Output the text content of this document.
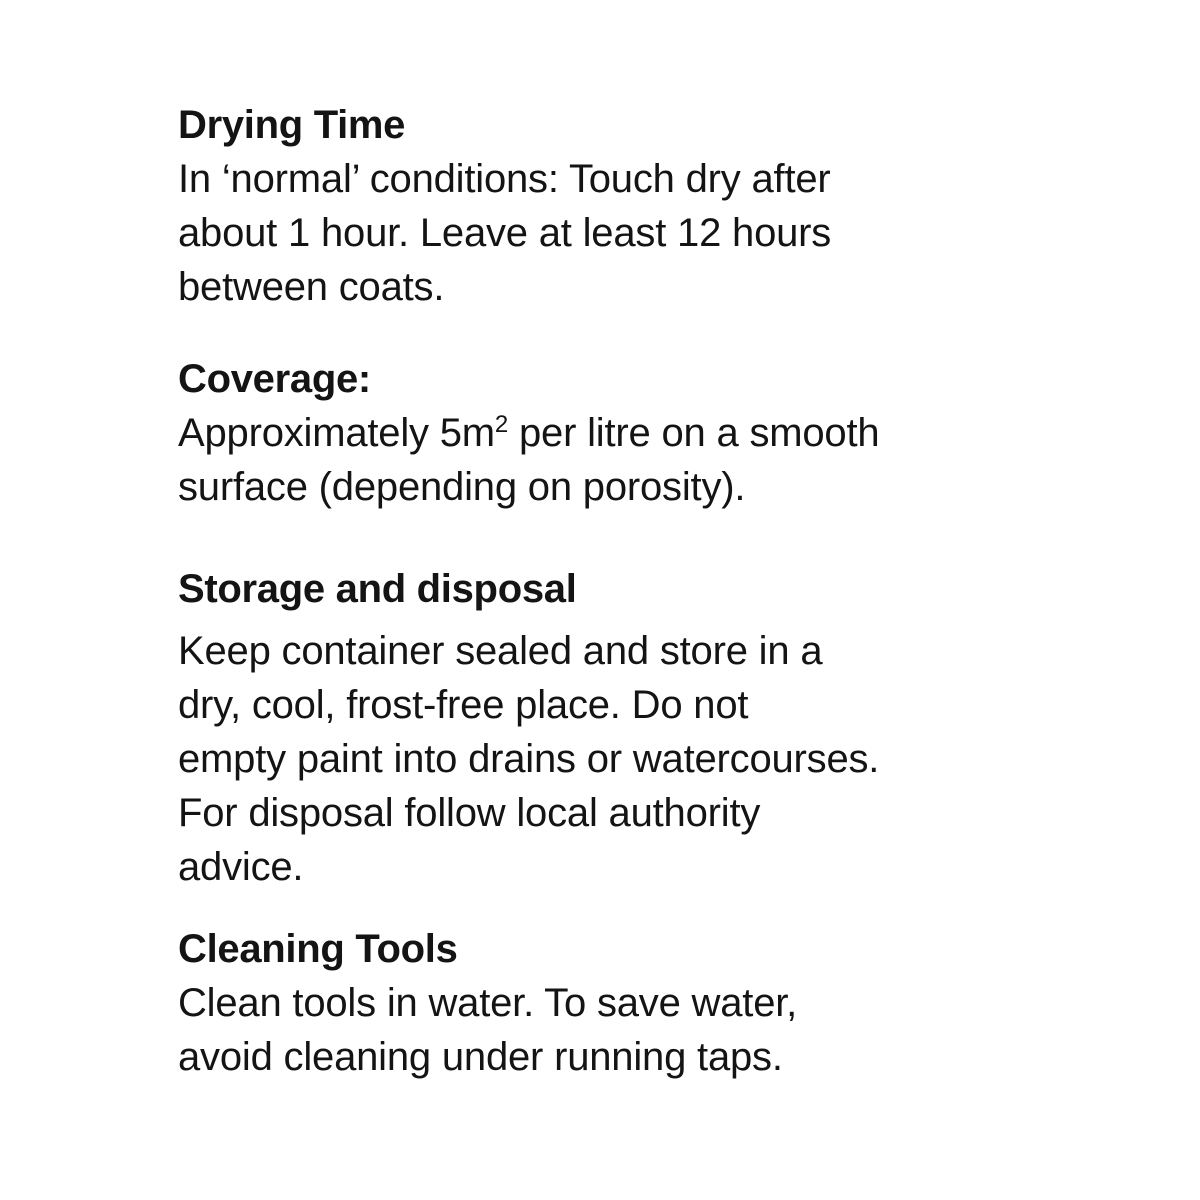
Drying Time

In ‘normal’ conditions: Touch dry after
about 1 hour. Leave at least 12 hours
between coats.

Coverage:

Approximately $5m^2$ per litre on a smooth
surface (depending on porosity).

Storage and disposal

Keep container sealed and store in a
dry, cool, frost-free place. Do not
empty paint into drains or watercourses.
For disposal follow local authority
advice.

Cleaning Tools

Clean tools in water. To save water,
avoid cleaning under running taps.
